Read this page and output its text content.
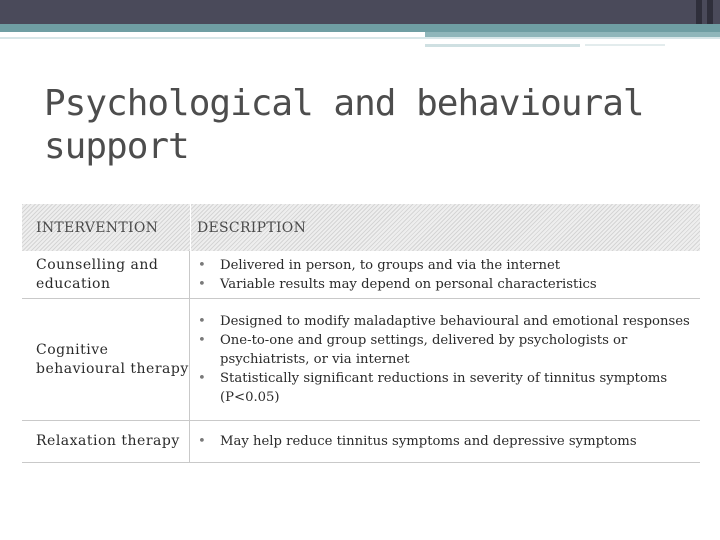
Psychological and behavioural support
INTERVENTION	DESCRIPTION
Counselling and education
•	Delivered in person, to groups and via the internet
•	Variable results may depend on personal characteristics
Cognitive behavioural therapy
•	Designed to modify maladaptive behavioural and emotional responses
•	One-to-one and group settings, delivered by psychologists or psychiatrists, or via internet
•	Statistically significant reductions in severity of tinnitus symptoms (P<0.05)
Relaxation therapy	•	May help reduce tinnitus symptoms and depressive symptoms
